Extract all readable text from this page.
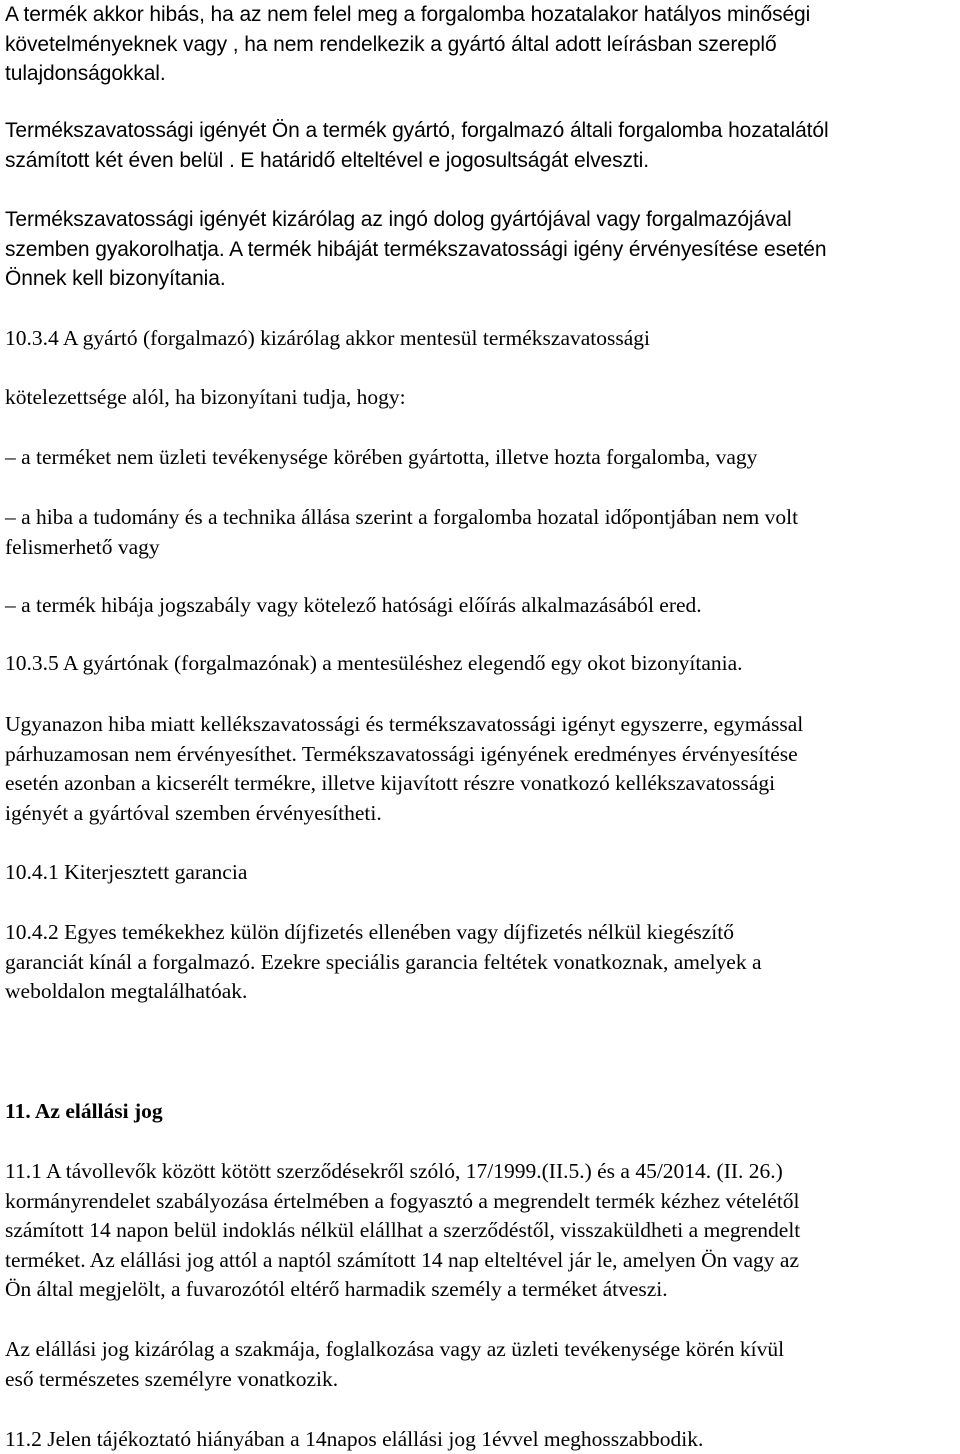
A termék akkor hibás, ha az nem felel meg a forgalomba hozatalakor hatályos minőségi
követelményeknek vagy , ha nem rendelkezik a gyártó által adott leírásban szereplő
tulajdonságokkal.
Termékszavatossági igényét Ön a termék gyártó, forgalmazó általi forgalomba hozatalától
számított két éven belül . E határidő elteltével e jogosultságát elveszti.
Termékszavatossági igényét kizárólag az ingó dolog gyártójával vagy forgalmazójával
szemben gyakorolhatja. A termék hibáját termékszavatossági igény érvényesítése esetén
Önnek kell bizonyítania.
10.3.4 A gyártó (forgalmazó) kizárólag akkor mentesül termékszavatossági
kötelezettsége alól, ha bizonyítani tudja, hogy:
– a terméket nem üzleti tevékenysége körében gyártotta, illetve hozta forgalomba, vagy
– a hiba a tudomány és a technika állása szerint a forgalomba hozatal időpontjában nem volt
felismerhető vagy
– a termék hibája jogszabály vagy kötelező hatósági előírás alkalmazásából ered.
10.3.5 A gyártónak (forgalmazónak) a mentesüléshez elegendő egy okot bizonyítania.
Ugyanazon hiba miatt kellékszavatossági és termékszavatossági igényt egyszerre, egymással
párhuzamosan nem érvényesíthet. Termékszavatossági igényének eredményes érvényesítése
esetén azonban a kicserélt termékre, illetve kijavított részre vonatkozó kellékszavatossági
igényét a gyártóval szemben érvényesítheti.
10.4.1 Kiterjesztett garancia
10.4.2 Egyes temékekhez külön díjfizetés ellenében vagy díjfizetés nélkül kiegészítő
garanciát kínál a forgalmazó. Ezekre speciális garancia feltétek vonatkoznak, amelyek a
weboldalon megtalálhatóak.
11. Az elállási jog
11.1 A távollevők között kötött szerződésekről szóló, 17/1999.(II.5.) és a 45/2014. (II. 26.)
kormányrendelet szabályozása értelmében a fogyasztó a megrendelt termék kézhez vételétől
számított 14 napon belül indoklás nélkül elállhat a szerződéstől, visszaküldheti a megrendelt
terméket. Az elállási jog attól a naptól számított 14 nap elteltével jár le, amelyen Ön vagy az
Ön által megjelölt, a fuvarozótól eltérő harmadik személy a terméket átveszi.
Az elállási jog kizárólag a szakmája, foglalkozása vagy az üzleti tevékenysége körén kívül
eső természetes személyre vonatkozik.
11.2 Jelen tájékoztató hiányában a 14napos elállási jog 1évvel meghosszabbodik.
